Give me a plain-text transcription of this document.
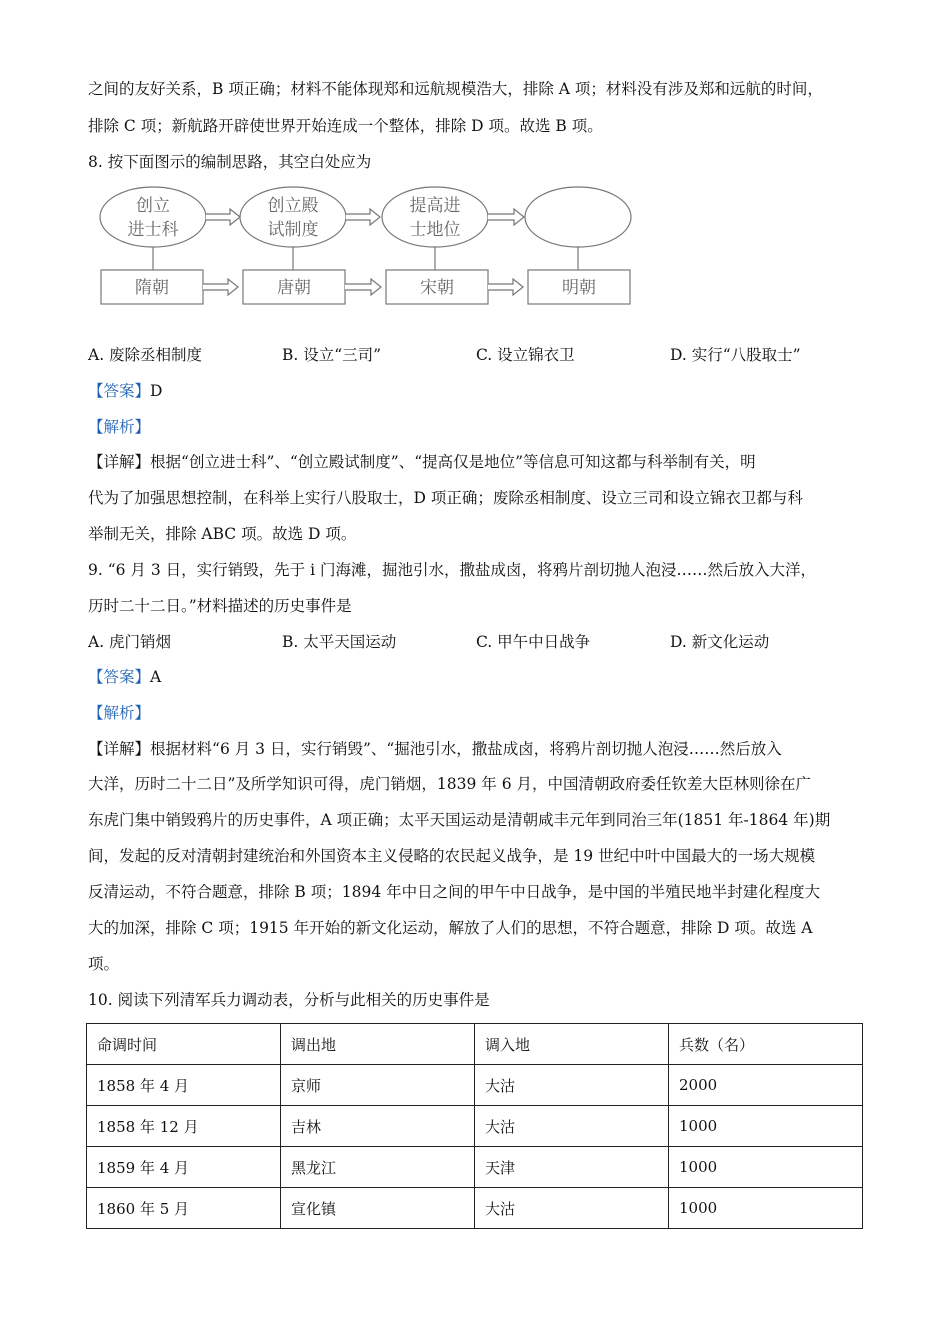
之间的友好关系，B 项正确；材料不能体现郑和远航规模浩大，排除 A 项；材料没有涉及郑和远航的时间，
排除 C 项；新航路开辟使世界开始连成一个整体，排除 D 项。故选 B 项。
8. 按下面图示的编制思路，其空白处应为
创立
进士科
创立殿
试制度
提高进
士地位
隋朝	唐朝	宋朝	明朝
A. 废除丞相制度	B. 设立“三司”	C. 设立锦衣卫	D. 实行“八股取士”
【答案】D
【解析】
【详解】根据“创立进士科”、“创立殿试制度”、“提高仅是地位”等信息可知这都与科举制有关，明
代为了加强思想控制，在科举上实行八股取士，D 项正确；废除丞相制度、设立三司和设立锦衣卫都与科
举制无关，排除 ABC 项。故选 D 项。
9. “6 月 3 日，实行销毁，先于 i 门海滩，掘池引水，撒盐成卤，将鸦片剖切抛人泡浸……然后放入大洋，
历时二十二日。”材料描述的历史事件是
A. 虎门销烟	B. 太平天国运动	C. 甲午中日战争	D. 新文化运动
【答案】A
【解析】
【详解】根据材料“6 月 3 日，实行销毁”、“掘池引水，撒盐成卤，将鸦片剖切抛人泡浸……然后放入
大洋，历时二十二日”及所学知识可得，虎门销烟，1839 年 6 月，中国清朝政府委任钦差大臣林则徐在广
东虎门集中销毁鸦片的历史事件，A 项正确；太平天国运动是清朝咸丰元年到同治三年(1851 年-1864 年)期
间，发起的反对清朝封建统治和外国资本主义侵略的农民起义战争，是 19 世纪中叶中国最大的一场大规模
反清运动，不符合题意，排除 B 项；1894 年中日之间的甲午中日战争，是中国的半殖民地半封建化程度大
大的加深，排除 C 项；1915 年开始的新文化运动，解放了人们的思想，不符合题意，排除 D 项。故选 A
项。
10. 阅读下列清军兵力调动表，分析与此相关的历史事件是
命调时间	调出地	调入地	兵数（名）
1858 年 4 月	京师	大沽	2000
1858 年 12 月	吉林	大沽	1000
1859 年 4 月	黑龙江	天津	1000
1860 年 5 月	宣化镇	大沽	1000
